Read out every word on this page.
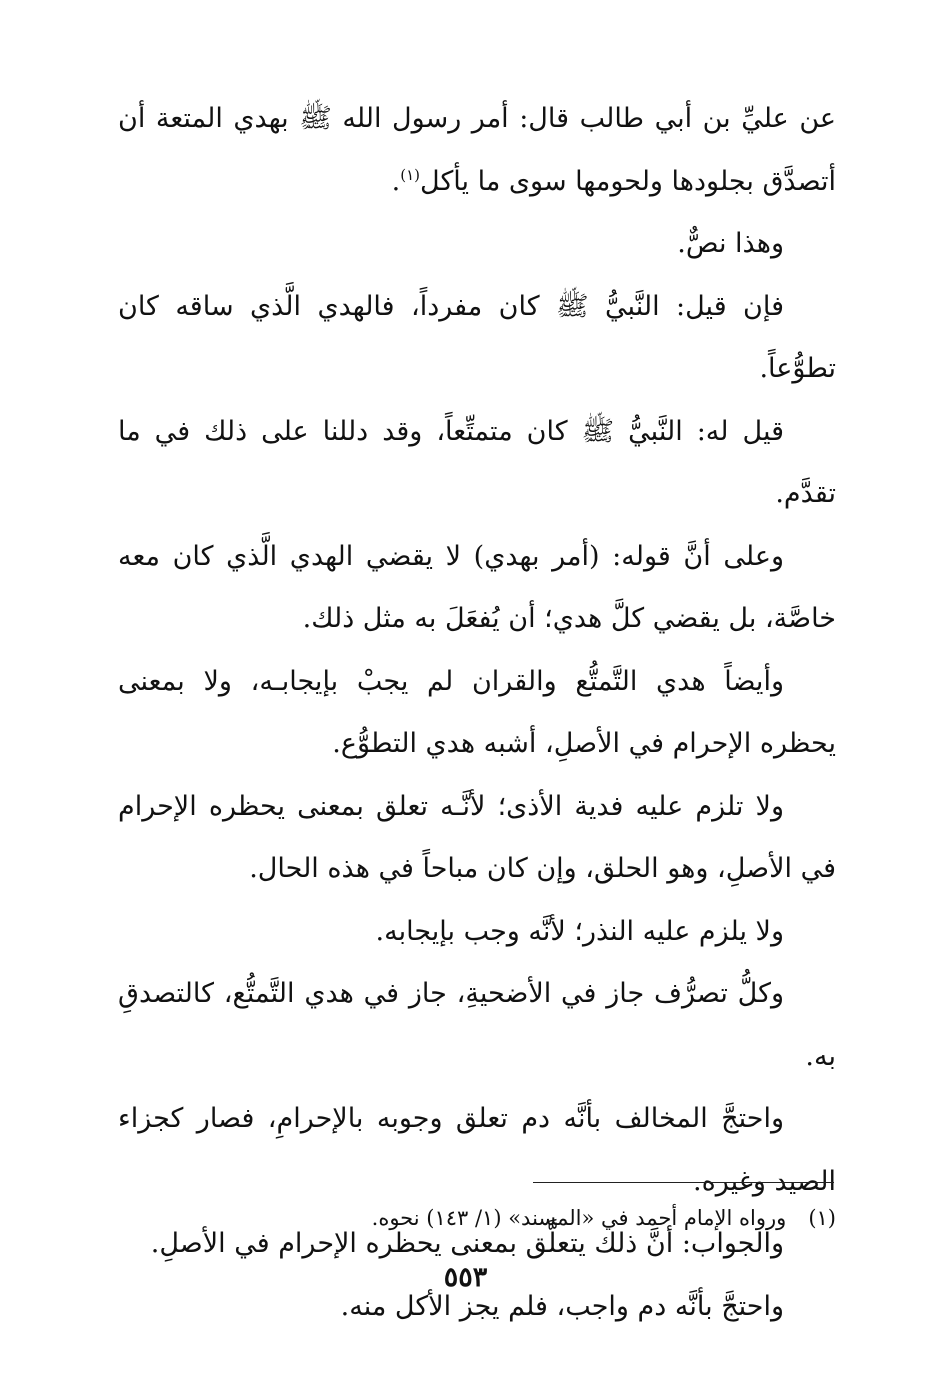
عن عليِّ بن أبي طالب قال: أمر رسول الله ﷺ بهدي المتعة أن أتصدَّق بجلودها ولحومها سوى ما يأكل$^{(١)}$.

وهذا نصٌّ.

فإن قيل: النَّبيُّ ﷺ كان مفرداً، فالهدي الَّذي ساقه كان تطوُّعاً.

قيل له: النَّبيُّ ﷺ كان متمتِّعاً، وقد دللنا على ذلك في ما تقدَّم.

وعلى أنَّ قوله: (أمر بهدي) لا يقضي الهدي الَّذي كان معه خاصَّة، بل يقضي كلَّ هدي؛ أن يُفعَلَ به مثل ذلك.

وأيضاً هدي التَّمتُّع والقران لم يجبْ بإيجابـه، ولا بمعنى يحظره الإحرام في الأصلِ، أشبه هدي التطوُّع.

ولا تلزم عليه فدية الأذى؛ لأنَّـه تعلق بمعنى يحظره الإحرام في الأصلِ، وهو الحلق، وإن كان مباحاً في هذه الحال.

ولا يلزم عليه النذر؛ لأنَّه وجب بإيجابه.

وكلُّ تصرُّف جاز في الأضحيةِ، جاز في هدي التَّمتُّع، كالتصدقِ به.

واحتجَّ المخالف بأنَّه دم تعلق وجوبه بالإحرامِ، فصار كجزاء الصيد وغيره.

والجواب: أنَّ ذلك يتعلَّق بمعنى يحظره الإحرام في الأصلِ.

واحتجَّ بأنَّه دم واجب، فلم يجز الأكل منه.

(١)ورواه الإمام أحمد في «المسند» (١/ ١٤٣) نحوه.
٥٥٣
